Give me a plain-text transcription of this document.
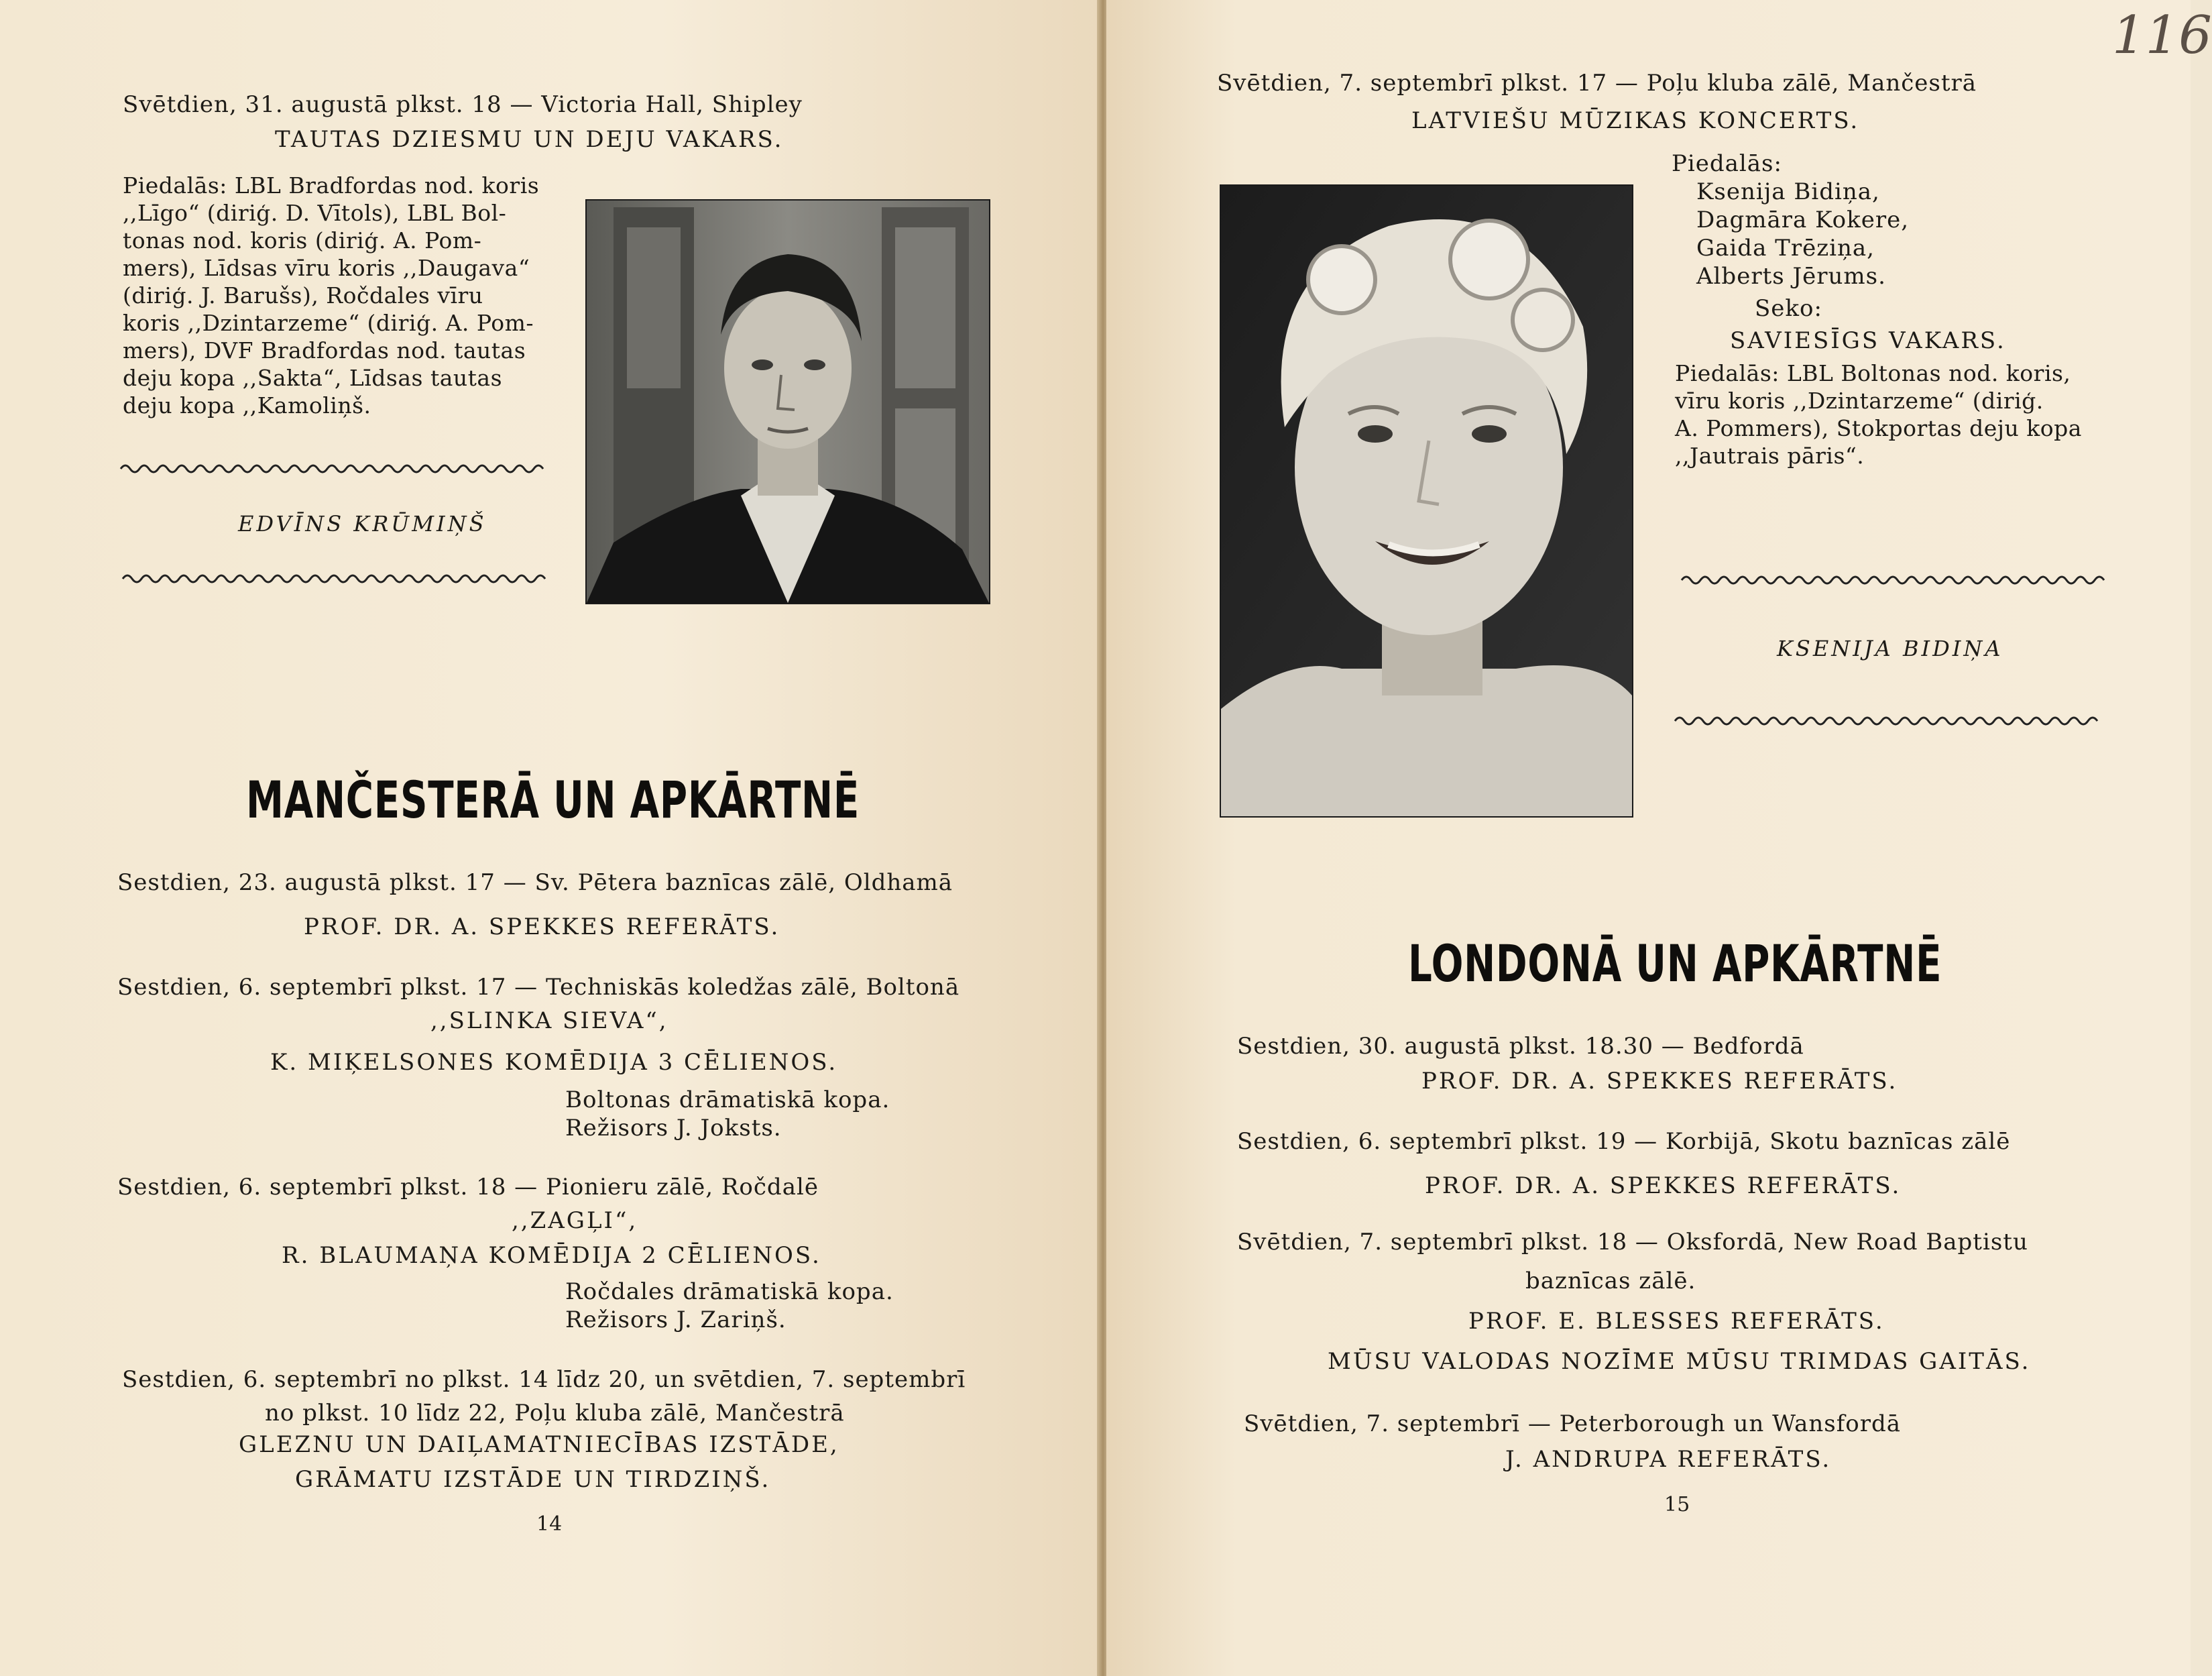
Svētdien, 31. augustā plkst. 18 — Victoria Hall, Shipley
TAUTAS DZIESMU UN DEJU VAKARS.
Piedalās: LBL Bradfordas nod. koris
,,Līgo“ (diriģ. D. Vītols), LBL Bol-
tonas nod. koris (diriģ. A. Pom-
mers), Līdsas vīru koris ,,Daugava“
(diriģ. J. Barušs), Ročdales vīru
koris ,,Dzintarzeme“ (diriģ. A. Pom-
mers), DVF Bradfordas nod. tautas
deju kopa ,,Sakta“, Līdsas tautas
deju kopa ,,Kamoliņš.
EDVĪNS KRŪMIŅŠ
MANČESTERĀ UN APKĀRTNĒ
Sestdien, 23. augustā plkst. 17 — Sv. Pētera baznīcas zālē, Oldhamā
PROF. DR. A. SPEKKES REFERĀTS.
Sestdien, 6. septembrī plkst. 17 — Techniskās koledžas zālē, Boltonā
,,SLINKA SIEVA“,
K. MIĶELSONES KOMĒDIJA 3 CĒLIENOS.
Boltonas drāmatiskā kopa.
Režisors J. Joksts.
Sestdien, 6. septembrī plkst. 18 — Pionieru zālē, Ročdalē
,,ZAGĻI“,
R. BLAUMAŅA KOMĒDIJA 2 CĒLIENOS.
Ročdales drāmatiskā kopa.
Režisors J. Zariņš.
Sestdien, 6. septembrī no plkst. 14 līdz 20, un svētdien, 7. septembrī
no plkst. 10 līdz 22, Poļu kluba zālē, Mančestrā
GLEZNU UN DAIĻAMATNIECĪBAS IZSTĀDE,
GRĀMATU IZSTĀDE UN TIRDZIŅŠ.
14
116
Svētdien, 7. septembrī plkst. 17 — Poļu kluba zālē, Mančestrā
LATVIEŠU MŪZIKAS KONCERTS.
Piedalās:
Ksenija Bidiņa,
Dagmāra Kokere,
Gaida Trēziņa,
Alberts Jērums.
Seko:
SAVIESĪGS VAKARS.
Piedalās: LBL Boltonas nod. koris,
vīru koris ,,Dzintarzeme“ (diriģ.
A. Pommers), Stokportas deju kopa
,,Jautrais pāris“.
KSENIJA BIDIŅA
LONDONĀ UN APKĀRTNĒ
Sestdien, 30. augustā plkst. 18.30 — Bedfordā
PROF. DR. A. SPEKKES REFERĀTS.
Sestdien, 6. septembrī plkst. 19 — Korbijā, Skotu baznīcas zālē
PROF. DR. A. SPEKKES REFERĀTS.
Svētdien, 7. septembrī plkst. 18 — Oksfordā, New Road Baptistu
baznīcas zālē.
PROF. E. BLESSES REFERĀTS.
MŪSU VALODAS NOZĪME MŪSU TRIMDAS GAITĀS.
Svētdien, 7. septembrī — Peterborough un Wansfordā
J. ANDRUPA REFERĀTS.
15
